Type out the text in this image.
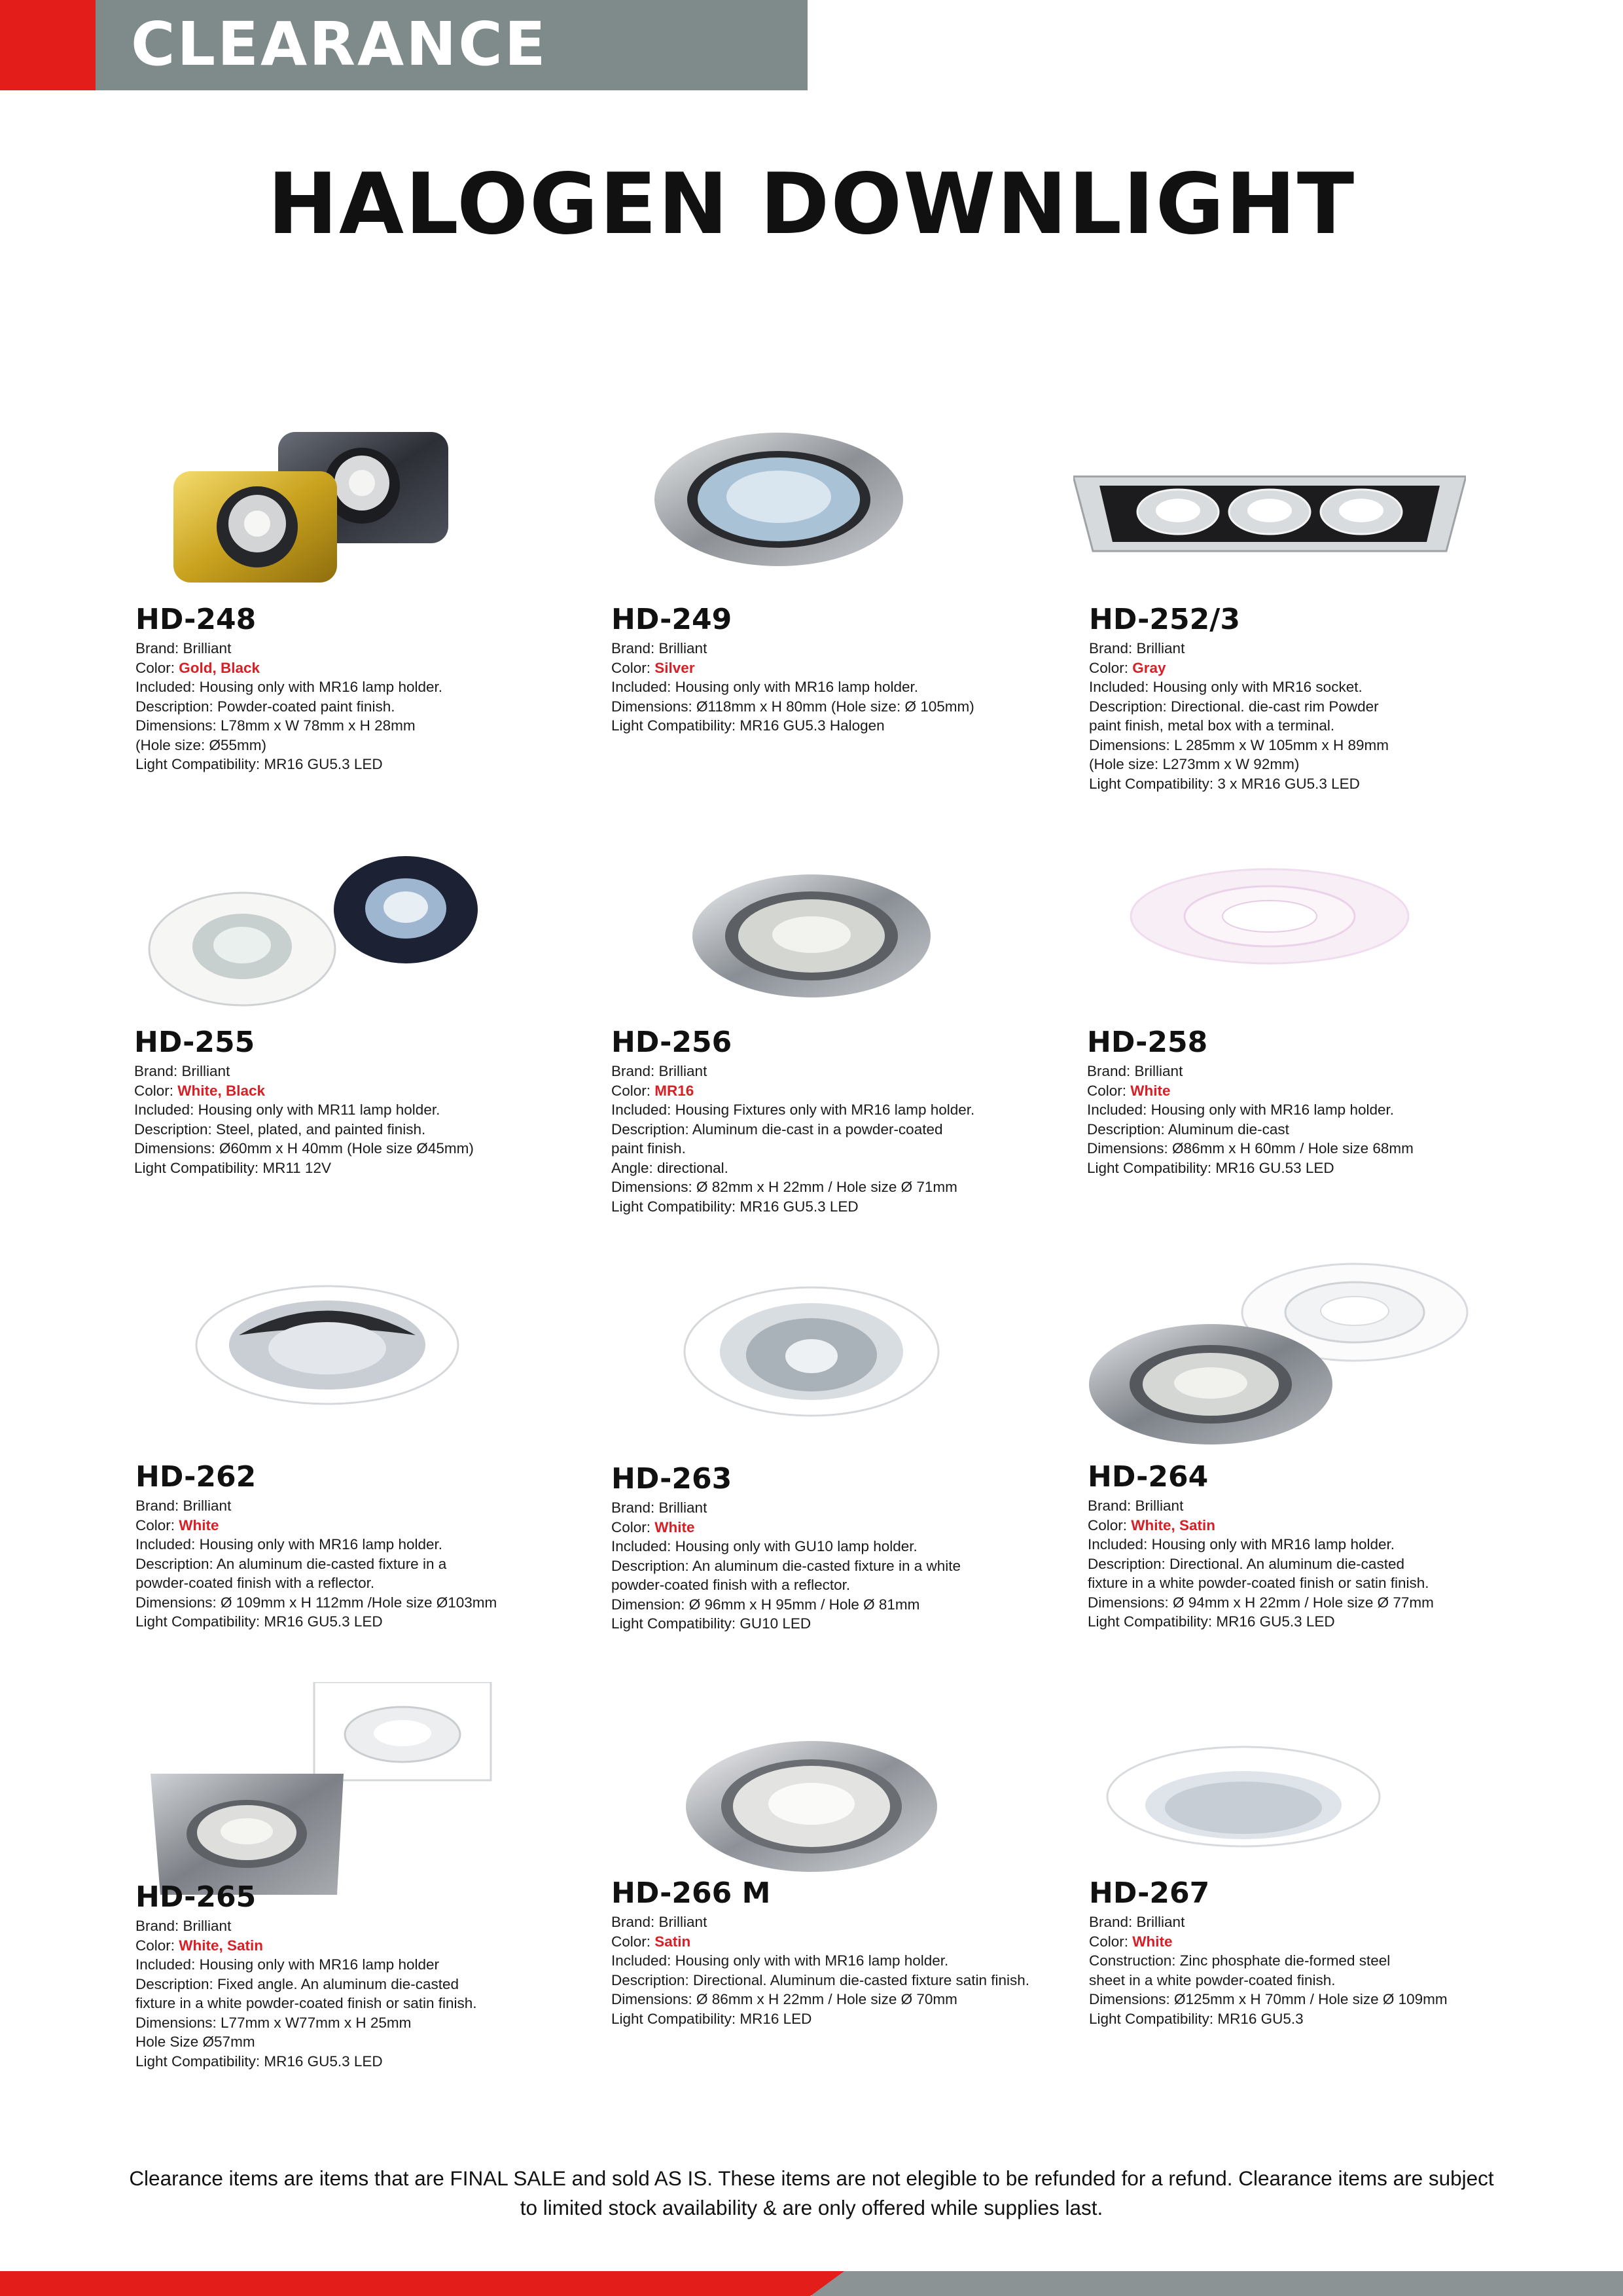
CLEARANCE
HALOGEN DOWNLIGHT
HD-248
Brand: Brilliant
Color: Gold, Black
Included: Housing only with MR16 lamp holder.
Description: Powder-coated paint finish.
Dimensions: L78mm x W 78mm x H 28mm
(Hole size: Ø55mm)
Light Compatibility: MR16 GU5.3 LED
HD-249
Brand: Brilliant
Color: Silver
Included: Housing only with MR16 lamp holder.
Dimensions: Ø118mm x H 80mm (Hole size: Ø 105mm)
Light Compatibility: MR16 GU5.3 Halogen
HD-252/3
Brand: Brilliant
Color: Gray
Included: Housing only with MR16 socket.
Description: Directional. die-cast rim Powder
paint finish, metal box with a terminal.
Dimensions: L 285mm x W 105mm x H 89mm
(Hole size: L273mm x W 92mm)
Light Compatibility: 3 x MR16 GU5.3 LED
HD-255
Brand: Brilliant
Color: White, Black
Included: Housing only with MR11 lamp holder.
Description: Steel, plated, and painted finish.
Dimensions: Ø60mm x H 40mm (Hole size Ø45mm)
Light Compatibility: MR11 12V
HD-256
Brand: Brilliant
Color: MR16
Included: Housing Fixtures only with MR16 lamp holder.
Description: Aluminum die-cast in a powder-coated
paint finish.
Angle: directional.
Dimensions: Ø 82mm x H 22mm / Hole size Ø 71mm
Light Compatibility: MR16 GU5.3 LED
HD-258
Brand: Brilliant
Color: White
Included: Housing only with MR16 lamp holder.
Description: Aluminum die-cast
Dimensions: Ø86mm x H 60mm / Hole size 68mm
Light Compatibility: MR16 GU.53 LED
HD-262
Brand: Brilliant
Color: White
Included: Housing only with MR16 lamp holder.
Description: An aluminum die-casted fixture in a
powder-coated finish with a reflector.
Dimensions: Ø 109mm x H 112mm /Hole size Ø103mm
Light Compatibility: MR16 GU5.3 LED
HD-263
Brand: Brilliant
Color: White
Included: Housing only with GU10 lamp holder.
Description: An aluminum die-casted fixture in a white
powder-coated finish with a reflector.
Dimension: Ø 96mm x H 95mm / Hole Ø 81mm
Light Compatibility: GU10 LED
HD-264
Brand: Brilliant
Color: White, Satin
Included: Housing only with MR16 lamp holder.
Description: Directional. An aluminum die-casted
fixture in a white powder-coated finish or satin finish.
Dimensions: Ø 94mm x H 22mm / Hole size Ø 77mm
Light Compatibility: MR16 GU5.3 LED
HD-265
Brand: Brilliant
Color: White, Satin
Included: Housing only with MR16 lamp holder
Description: Fixed angle. An aluminum die-casted
fixture in a white powder-coated finish or satin finish.
Dimensions: L77mm x W77mm x H 25mm
Hole Size Ø57mm
Light Compatibility: MR16 GU5.3 LED
HD-266 M
Brand: Brilliant
Color: Satin
Included: Housing only with with MR16 lamp holder.
Description: Directional. Aluminum die-casted fixture satin finish.
Dimensions: Ø 86mm x H 22mm / Hole size Ø 70mm
Light Compatibility: MR16 LED
HD-267
Brand: Brilliant
Color: White
Construction: Zinc phosphate die-formed steel
sheet in a white powder-coated finish.
Dimensions: Ø125mm x H 70mm / Hole size Ø 109mm
Light Compatibility: MR16 GU5.3
Clearance items are items that are FINAL SALE and sold AS IS. These items are not elegible to be refunded for a refund. Clearance items are subject
to limited stock availability & are only offered while supplies last.
